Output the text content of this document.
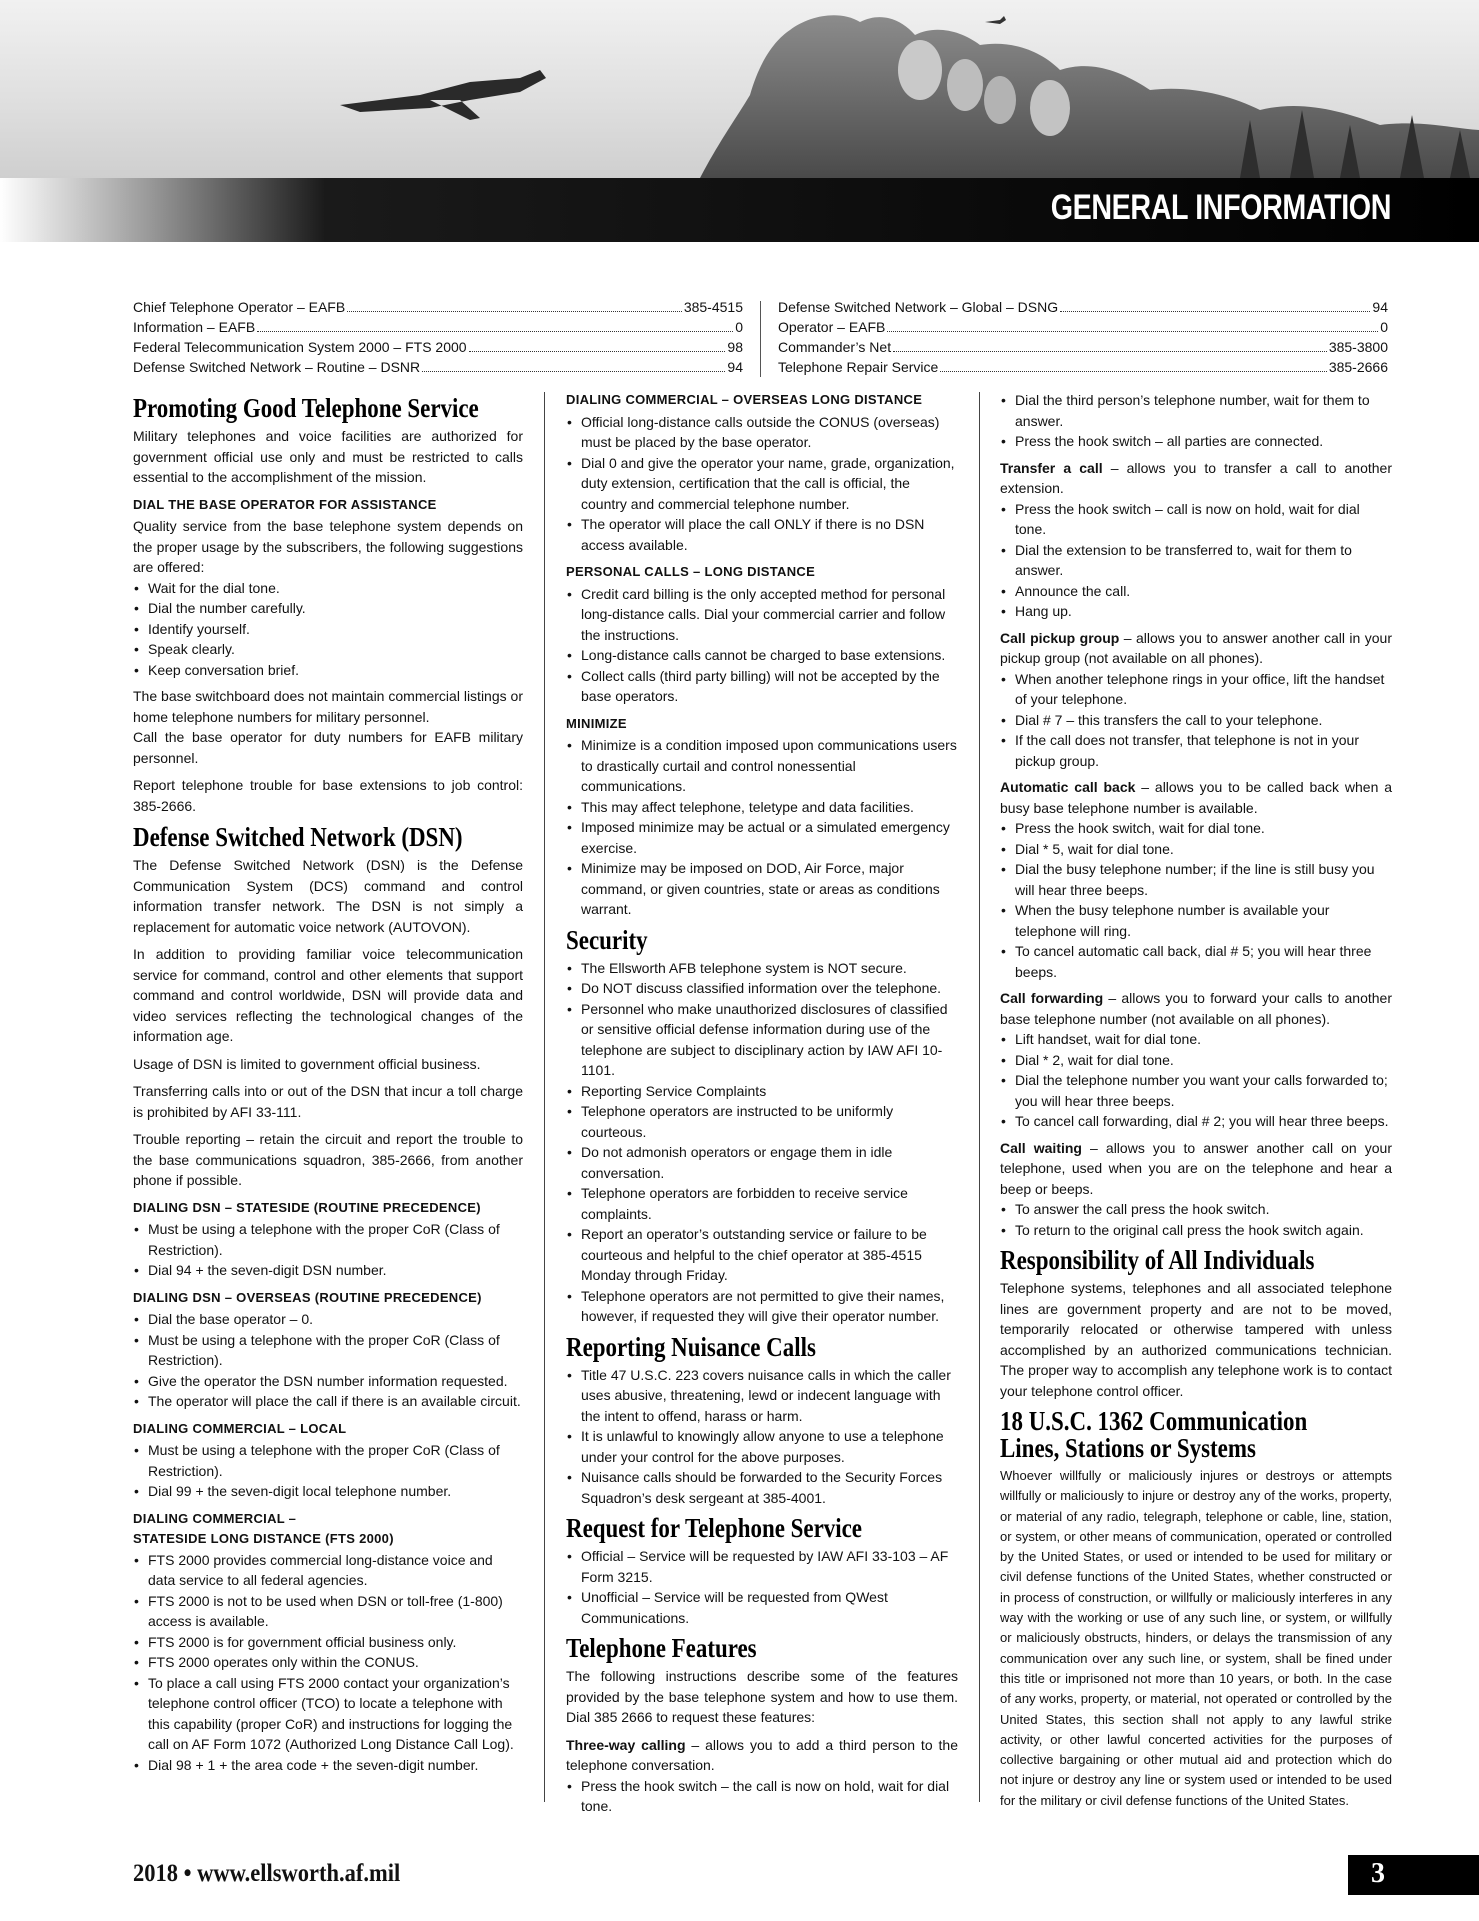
GENERAL INFORMATION
Chief Telephone Operator – EAFB	385-4515
Information – EAFB	0
Federal Telecommunication System 2000 – FTS 2000	98
Defense Switched Network – Routine – DSNR	94
Defense Switched Network – Global – DSNG	94
Operator – EAFB	0
Commander’s Net	385-3800
Telephone Repair Service	385-2666
Promoting Good Telephone Service

Military telephones and voice facilities are authorized for government official use only and must be restricted to calls essential to the accomplishment of the mission.

DIAL THE BASE OPERATOR FOR ASSISTANCE

Quality service from the base telephone system depends on the proper usage by the subscribers, the following suggestions are offered:

• Wait for the dial tone.
• Dial the number carefully.
• Identify yourself.
• Speak clearly.
• Keep conversation brief.

The base switchboard does not maintain commercial listings or home telephone numbers for military personnel.

Call the base operator for duty numbers for EAFB military personnel.

Report telephone trouble for base extensions to job control: 385-2666.

Defense Switched Network (DSN)

The Defense Switched Network (DSN) is the Defense Communication System (DCS) command and control information transfer network. The DSN is not simply a replacement for automatic voice network (AUTOVON).

In addition to providing familiar voice telecommunication service for command, control and other elements that support command and control worldwide, DSN will provide data and video services reflecting the technological changes of the information age.

Usage of DSN is limited to government official business.

Transferring calls into or out of the DSN that incur a toll charge is prohibited by AFI 33-111.

Trouble reporting – retain the circuit and report the trouble to the base communications squadron, 385-2666, from another phone if possible.

DIALING DSN – STATESIDE (ROUTINE PRECEDENCE)
• Must be using a telephone with the proper CoR (Class of Restriction).
• Dial 94 + the seven-digit DSN number.
DIALING DSN – OVERSEAS (ROUTINE PRECEDENCE)
• Dial the base operator – 0.
• Must be using a telephone with the proper CoR (Class of Restriction).
• Give the operator the DSN number information requested.
• The operator will place the call if there is an available circuit.
DIALING COMMERCIAL – LOCAL
• Must be using a telephone with the proper CoR (Class of Restriction).
• Dial 99 + the seven-digit local telephone number.
DIALING COMMERCIAL –
STATESIDE LONG DISTANCE (FTS 2000)
• FTS 2000 provides commercial long-distance voice and data service to all federal agencies.
• FTS 2000 is not to be used when DSN or toll-free (1-800) access is available.
• FTS 2000 is for government official business only.
• FTS 2000 operates only within the CONUS.
• To place a call using FTS 2000 contact your organization’s telephone control officer (TCO) to locate a telephone with this capability (proper CoR) and instructions for logging the call on AF Form 1072 (Authorized Long Distance Call Log).
• Dial 98 + 1 + the area code + the seven-digit number.
DIALING COMMERCIAL – OVERSEAS LONG DISTANCE
• Official long-distance calls outside the CONUS (overseas) must be placed by the base operator.
• Dial 0 and give the operator your name, grade, organization, duty extension, certification that the call is official, the country and commercial telephone number.
• The operator will place the call ONLY if there is no DSN access available.
PERSONAL CALLS – LONG DISTANCE
• Credit card billing is the only accepted method for personal long-distance calls. Dial your commercial carrier and follow the instructions.
• Long-distance calls cannot be charged to base extensions.
• Collect calls (third party billing) will not be accepted by the base operators.
MINIMIZE
• Minimize is a condition imposed upon communications users to drastically curtail and control nonessential communications.
• This may affect telephone, teletype and data facilities.
• Imposed minimize may be actual or a simulated emergency exercise.
• Minimize may be imposed on DOD, Air Force, major command, or given countries, state or areas as conditions warrant.
Security
• The Ellsworth AFB telephone system is NOT secure.
• Do NOT discuss classified information over the telephone.
• Personnel who make unauthorized disclosures of classified or sensitive official defense information during use of the telephone are subject to disciplinary action by IAW AFI 10-1101.
• Reporting Service Complaints
• Telephone operators are instructed to be uniformly courteous.
• Do not admonish operators or engage them in idle conversation.
• Telephone operators are forbidden to receive service complaints.
• Report an operator’s outstanding service or failure to be courteous and helpful to the chief operator at 385-4515 Monday through Friday.
• Telephone operators are not permitted to give their names, however, if requested they will give their operator number.
Reporting Nuisance Calls
• Title 47 U.S.C. 223 covers nuisance calls in which the caller uses abusive, threatening, lewd or indecent language with the intent to offend, harass or harm.
• It is unlawful to knowingly allow anyone to use a telephone under your control for the above purposes.
• Nuisance calls should be forwarded to the Security Forces Squadron’s desk sergeant at 385-4001.
Request for Telephone Service
• Official – Service will be requested by IAW AFI 33-103 – AF Form 3215.
• Unofficial – Service will be requested from QWest Communications.
Telephone Features

The following instructions describe some of the features provided by the base telephone system and how to use them. Dial 385 2666 to request these features:

Three-way calling – allows you to add a third person to the telephone conversation.

• Press the hook switch – the call is now on hold, wait for dial tone.
• Dial the third person’s telephone number, wait for them to answer.
• Press the hook switch – all parties are connected.

Transfer a call – allows you to transfer a call to another extension.

• Press the hook switch – call is now on hold, wait for dial tone.
• Dial the extension to be transferred to, wait for them to answer.
• Announce the call.
• Hang up.

Call pickup group – allows you to answer another call in your pickup group (not available on all phones).

• When another telephone rings in your office, lift the handset of your telephone.
• Dial # 7 – this transfers the call to your telephone.
• If the call does not transfer, that telephone is not in your pickup group.

Automatic call back – allows you to be called back when a busy base telephone number is available.

• Press the hook switch, wait for dial tone.
• Dial * 5, wait for dial tone.
• Dial the busy telephone number; if the line is still busy you will hear three beeps.
• When the busy telephone number is available your telephone will ring.
• To cancel automatic call back, dial # 5; you will hear three beeps.

Call forwarding – allows you to forward your calls to another base telephone number (not available on all phones).

• Lift handset, wait for dial tone.
• Dial * 2, wait for dial tone.
• Dial the telephone number you want your calls forwarded to; you will hear three beeps.
• To cancel call forwarding, dial # 2; you will hear three beeps.

Call waiting – allows you to answer another call on your telephone, used when you are on the telephone and hear a beep or beeps.

• To answer the call press the hook switch.
• To return to the original call press the hook switch again.
Responsibility of All Individuals

Telephone systems, telephones and all associated telephone lines are government property and are not to be moved, temporarily relocated or otherwise tampered with unless accomplished by an authorized communications technician. The proper way to accomplish any telephone work is to contact your telephone control officer.

18 U.S.C. 1362 Communication
Lines, Stations or Systems

Whoever willfully or maliciously injures or destroys or attempts willfully or maliciously to injure or destroy any of the works, property, or material of any radio, telegraph, telephone or cable, line, station, or system, or other means of communication, operated or controlled by the United States, or used or intended to be used for military or civil defense functions of the United States, whether constructed or in process of construction, or willfully or maliciously interferes in any way with the working or use of any such line, or system, or willfully or maliciously obstructs, hinders, or delays the transmission of any communication over any such line, or system, shall be fined under this title or imprisoned not more than 10 years, or both. In the case of any works, property, or material, not operated or controlled by the United States, this section shall not apply to any lawful strike activity, or other lawful concerted activities for the purposes of collective bargaining or other mutual aid and protection which do not injure or destroy any line or system used or intended to be used for the military or civil defense functions of the United States.

2018 • www.ellsworth.af.mil	3
